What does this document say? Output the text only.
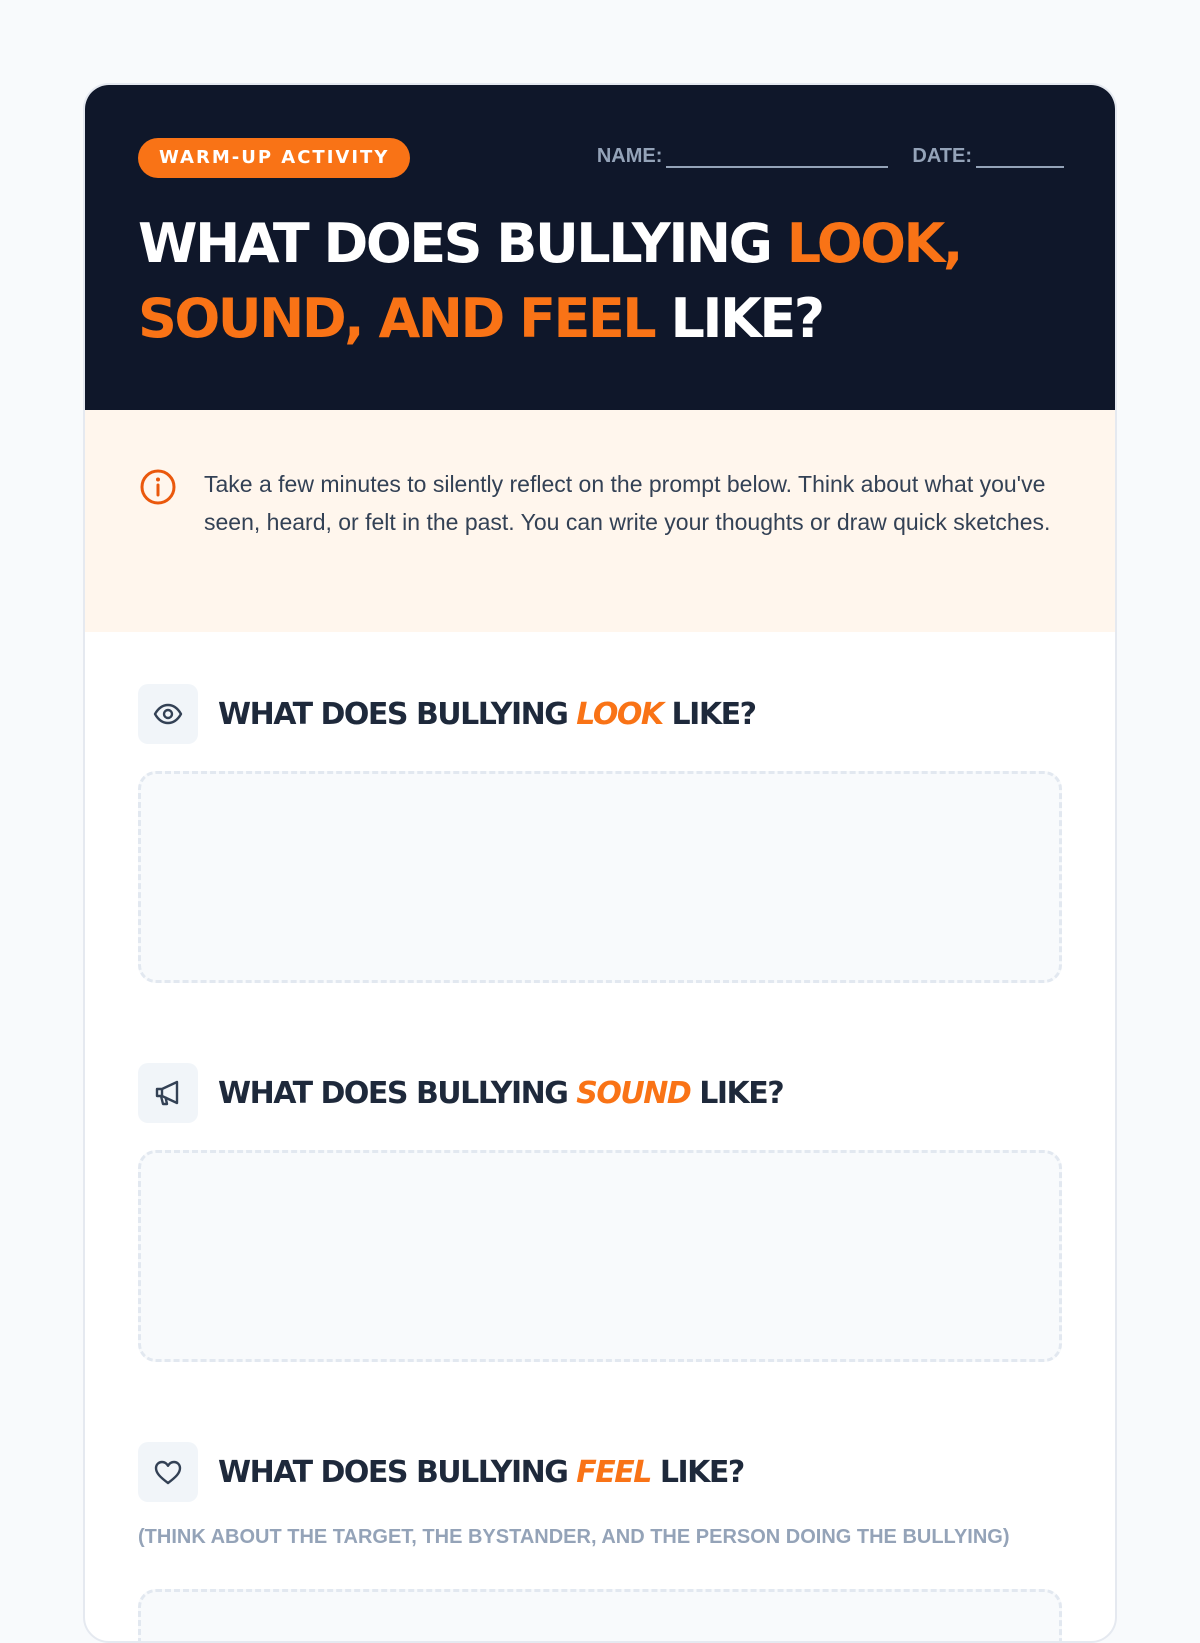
WARM-UP ACTIVITY	NAME:	DATE:
WHAT DOES BULLYING LOOK, SOUND, AND FEEL LIKE?
Take a few minutes to silently reflect on the prompt below. Think about what you've seen, heard, or felt in the past. You can write your thoughts or draw quick sketches.
WHAT DOES BULLYING LOOK LIKE?
WHAT DOES BULLYING SOUND LIKE?
WHAT DOES BULLYING FEEL LIKE?
(THINK ABOUT THE TARGET, THE BYSTANDER, AND THE PERSON DOING THE BULLYING)
